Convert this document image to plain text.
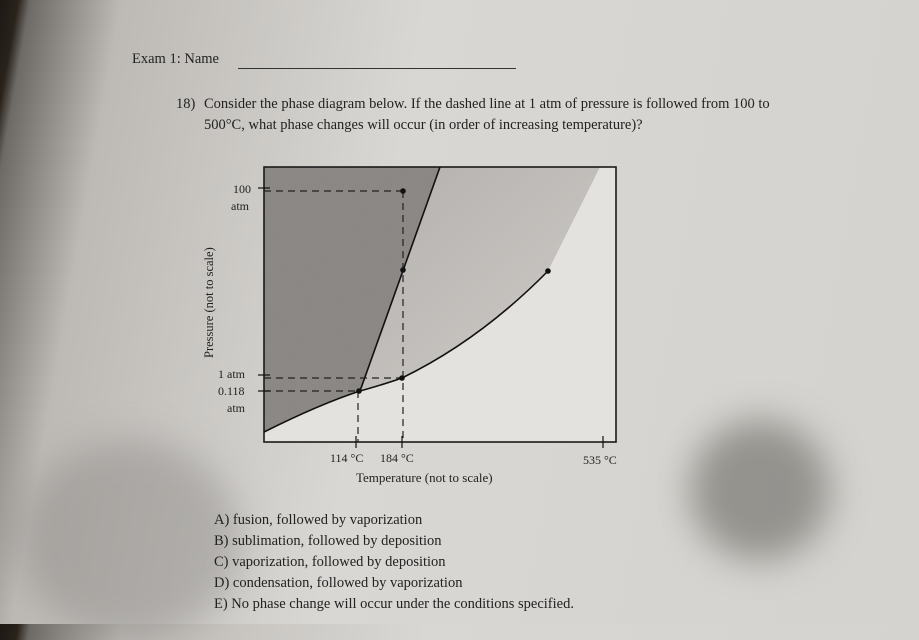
Exam 1: Name
18) Consider the phase diagram below. If the dashed line at 1 atm of pressure is followed from 100 to
500°C, what phase changes will occur (in order of increasing temperature)?
100
atm
1 atm
0.118
atm
114 °C 184 °C	535 °C
Temperature (not to scale)
Pressure (not to scale)
A) fusion, followed by vaporization
B) sublimation, followed by deposition
C) vaporization, followed by deposition
D) condensation, followed by vaporization
E) No phase change will occur under the conditions specified.
